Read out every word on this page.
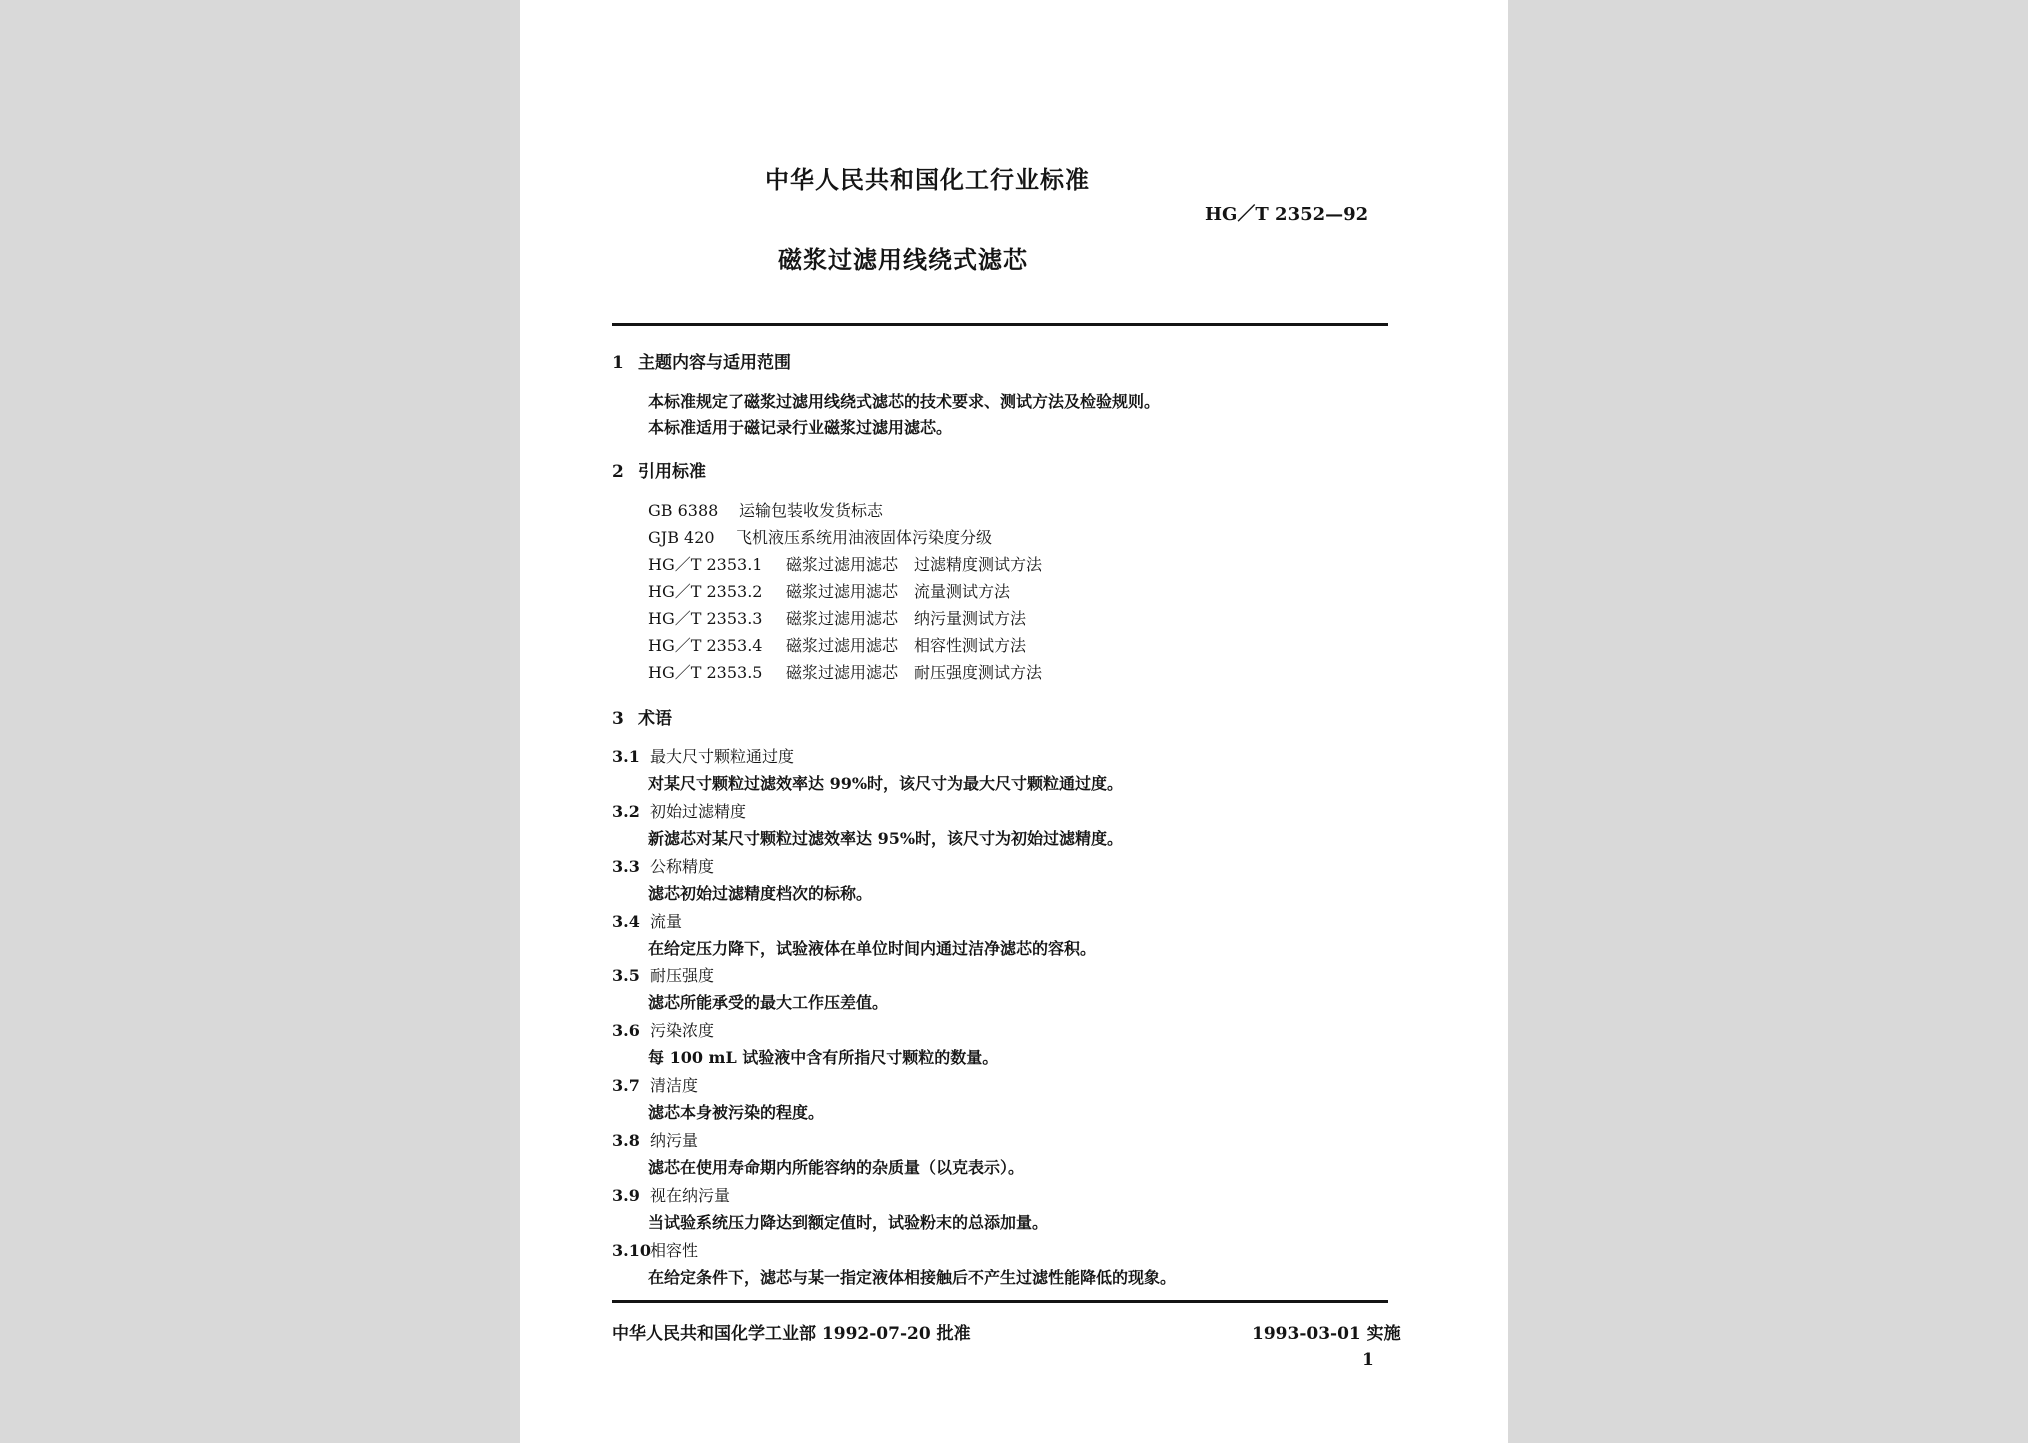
中华人民共和国化工行业标准
HG／T 2352—92
磁浆过滤用线绕式滤芯
1 主题内容与适用范围
本标准规定了磁浆过滤用线绕式滤芯的技术要求、测试方法及检验规则。
本标准适用于磁记录行业磁浆过滤用滤芯。
2 引用标准
GB 6388 运输包装收发货标志
GJB 420 飞机液压系统用油液固体污染度分级
HG／T 2353.1 磁浆过滤用滤芯　过滤精度测试方法
HG／T 2353.2 磁浆过滤用滤芯　流量测试方法
HG／T 2353.3 磁浆过滤用滤芯　纳污量测试方法
HG／T 2353.4 磁浆过滤用滤芯　相容性测试方法
HG／T 2353.5 磁浆过滤用滤芯　耐压强度测试方法
3 术语
3.1 最大尺寸颗粒通过度
对某尺寸颗粒过滤效率达 99%时，该尺寸为最大尺寸颗粒通过度。
3.2 初始过滤精度
新滤芯对某尺寸颗粒过滤效率达 95%时，该尺寸为初始过滤精度。
3.3 公称精度
滤芯初始过滤精度档次的标称。
3.4 流量
在给定压力降下，试验液体在单位时间内通过洁净滤芯的容积。
3.5 耐压强度
滤芯所能承受的最大工作压差值。
3.6 污染浓度
每 100 mL 试验液中含有所指尺寸颗粒的数量。
3.7 清洁度
滤芯本身被污染的程度。
3.8 纳污量
滤芯在使用寿命期内所能容纳的杂质量（以克表示）。
3.9 视在纳污量
当试验系统压力降达到额定值时，试验粉末的总添加量。
3.10相容性
在给定条件下，滤芯与某一指定液体相接触后不产生过滤性能降低的现象。
中华人民共和国化学工业部 1992-07-20 批准	1993-03-01 实施
1
